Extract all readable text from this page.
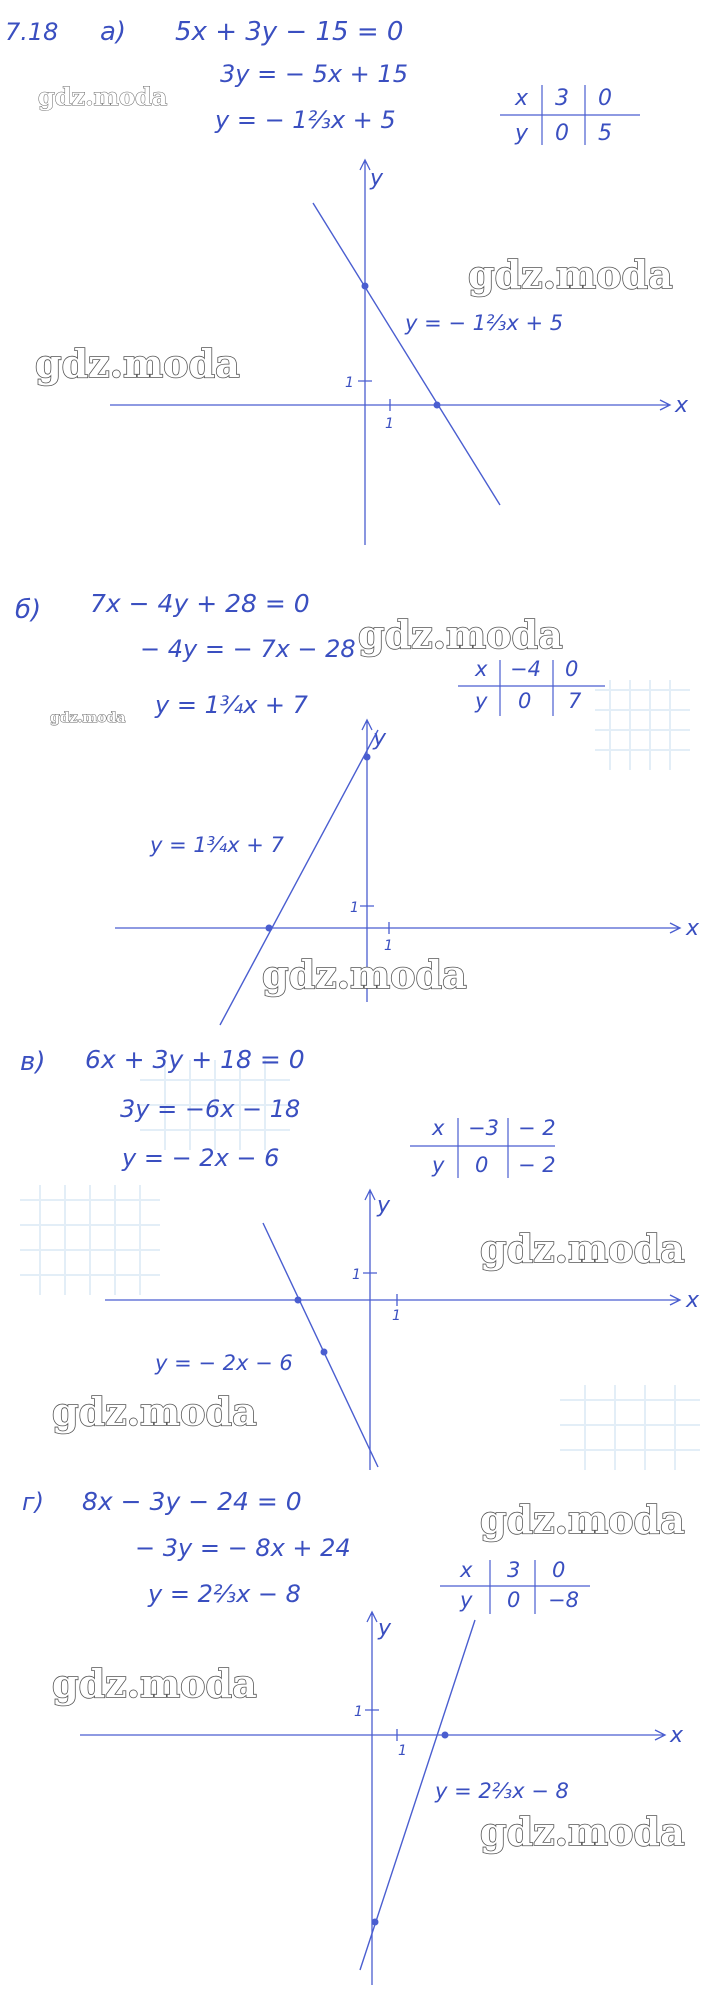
7.18 а) 5x + 3y − 15 = 0
3y = − 5x + 15
y = − 1⅔x + 5
x 3 0
y 0 5
x
y
1
1
y = − 1⅔x + 5
б) 7x − 4y + 28 = 0
− 4y = − 7x − 28
y = 1¾x + 7
x −4 0
y 0 7
x
y
1
1
y = 1¾x + 7
в) 6x + 3y + 18 = 0
3y = −6x − 18
y = − 2x − 6
x −3 − 2
y 0 − 2
x
y
1
1
y = − 2x − 6
г) 8x − 3y − 24 = 0
− 3y = − 8x + 24
y = 2⅔x − 8
x 3 0
y 0 −8
x
y
1
1
y = 2⅔x − 8
gdz.moda
gdz.moda
gdz.moda
gdz.moda
gdz.moda
gdz.moda
gdz.moda
gdz.moda
gdz.moda
gdz.moda
gdz.moda
